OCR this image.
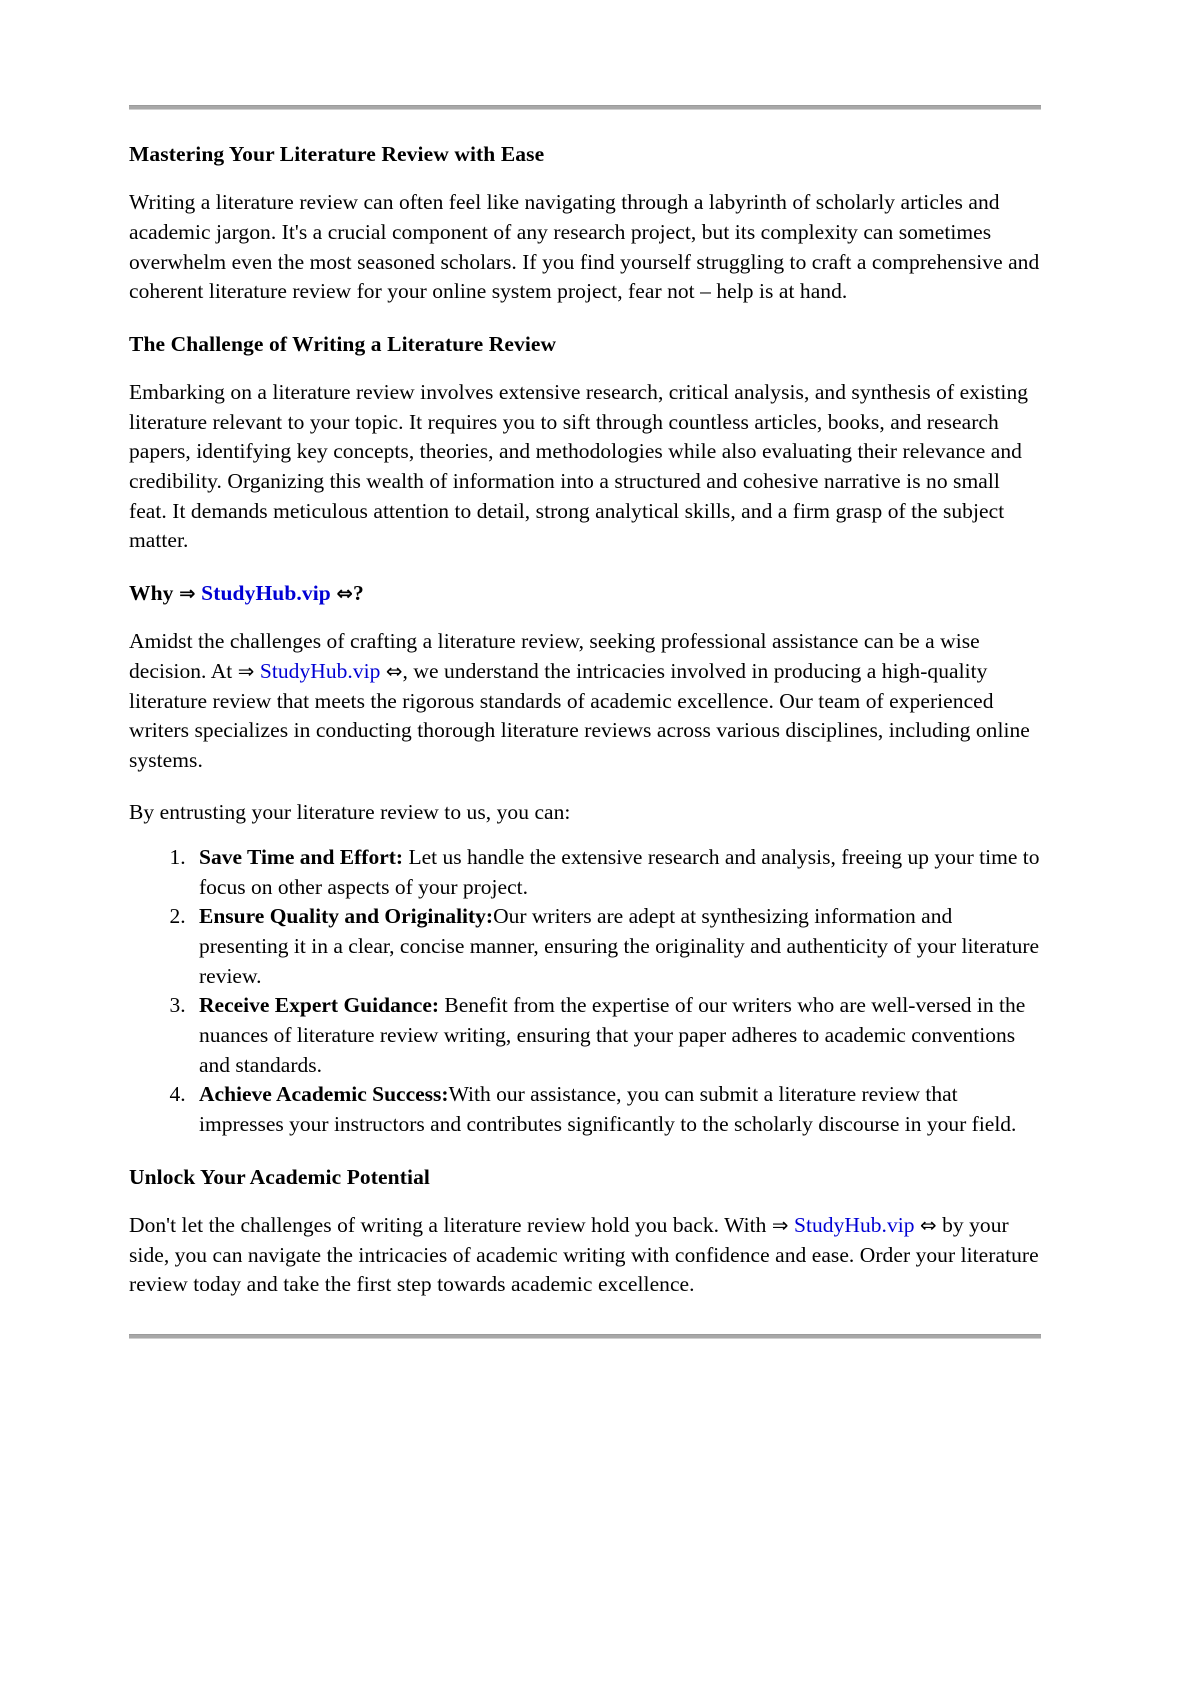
Mastering Your Literature Review with Ease

Writing a literature review can often feel like navigating through a labyrinth of scholarly articles and academic jargon. It's a crucial component of any research project, but its complexity can sometimes overwhelm even the most seasoned scholars. If you find yourself struggling to craft a comprehensive and coherent literature review for your online system project, fear not – help is at hand.

The Challenge of Writing a Literature Review

Embarking on a literature review involves extensive research, critical analysis, and synthesis of existing literature relevant to your topic. It requires you to sift through countless articles, books, and research papers, identifying key concepts, theories, and methodologies while also evaluating their relevance and credibility. Organizing this wealth of information into a structured and cohesive narrative is no small feat. It demands meticulous attention to detail, strong analytical skills, and a firm grasp of the subject matter.

Why ⇒ StudyHub.vip ⇔?

Amidst the challenges of crafting a literature review, seeking professional assistance can be a wise decision. At ⇒ StudyHub.vip ⇔, we understand the intricacies involved in producing a high-quality literature review that meets the rigorous standards of academic excellence. Our team of experienced writers specializes in conducting thorough literature reviews across various disciplines, including online systems.

By entrusting your literature review to us, you can:

1. Save Time and Effort: Let us handle the extensive research and analysis, freeing up your time to focus on other aspects of your project.
2. Ensure Quality and Originality:Our writers are adept at synthesizing information and presenting it in a clear, concise manner, ensuring the originality and authenticity of your literature review.
3. Receive Expert Guidance: Benefit from the expertise of our writers who are well-versed in the nuances of literature review writing, ensuring that your paper adheres to academic conventions and standards.
4. Achieve Academic Success:With our assistance, you can submit a literature review that impresses your instructors and contributes significantly to the scholarly discourse in your field.
Unlock Your Academic Potential

Don't let the challenges of writing a literature review hold you back. With ⇒ StudyHub.vip ⇔ by your side, you can navigate the intricacies of academic writing with confidence and ease. Order your literature review today and take the first step towards academic excellence.
